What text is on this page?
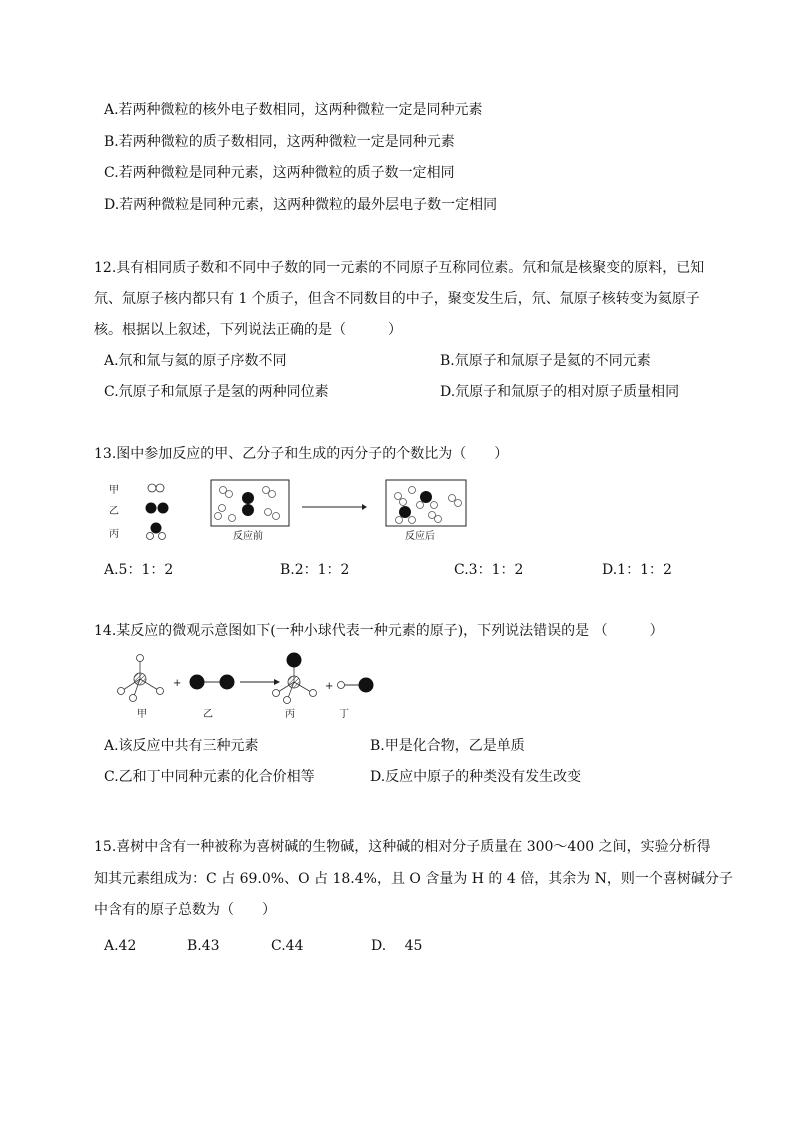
A.若两种微粒的核外电子数相同，这两种微粒一定是同种元素
B.若两种微粒的质子数相同，这两种微粒一定是同种元素
C.若两种微粒是同种元素，这两种微粒的质子数一定相同
D.若两种微粒是同种元素，这两种微粒的最外层电子数一定相同
12.具有相同质子数和不同中子数的同一元素的不同原子互称同位素。氘和氚是核聚变的原料，已知
氘、氚原子核内都只有 1 个质子，但含不同数目的中子，聚变发生后，氘、氚原子核转变为氦原子
核。根据以上叙述，下列说法正确的是（　　　）
A.氘和氚与氦的原子序数不同	B.氘原子和氚原子是氦的不同元素
C.氘原子和氚原子是氢的两种同位素	D.氘原子和氚原子的相对原子质量相同
13.图中参加反应的甲、乙分子和生成的丙分子的个数比为（　　）
甲
乙
丙	反应前	反应后
A.5：1：2	B.2：1：2	C.3：1：2	D.1：1：2
14.某反应的微观示意图如下(一种小球代表一种元素的原子)，下列说法错误的是 （　　　）
+	+
甲	乙	丙	丁
A.该反应中共有三种元素	B.甲是化合物，乙是单质
C.乙和丁中同种元素的化合价相等	D.反应中原子的种类没有发生改变
15.喜树中含有一种被称为喜树碱的生物碱，这种碱的相对分子质量在 300～400 之间，实验分析得
知其元素组成为：C 占 69.0%、O 占 18.4%，且 O 含量为 H 的 4 倍，其余为 N，则一个喜树碱分子
中含有的原子总数为（　　）
A.42	B.43	C.44	D.　 45
